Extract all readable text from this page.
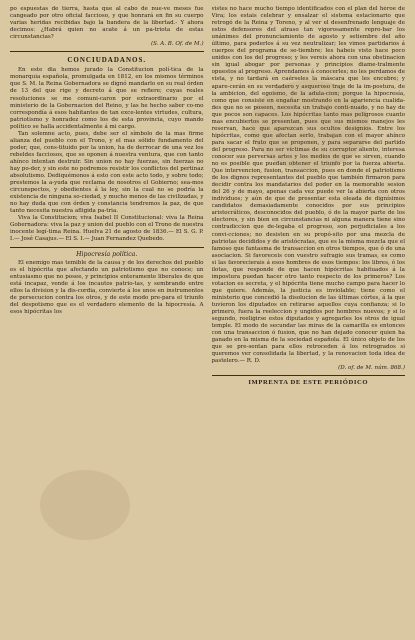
po espuestas de tierra, hasta que al cabo de nue-ve meses fue cangeado por otro oficial faccioso, y que honrará en fin su cuerpo varias heridas recibidas bajo la bandera de la libertad.- Y ahora decimos: ¿Habrá quien no acate á un pa-triota de estas circunstancias?

(S. A. B. Of. de M.)

CONCIUDADANOS.

En este dia hemos jurado la Constitucion polí-tica de la monarquia española, promulgada en 1812, en los mismos términos que S. M. la Reina Gobernadora se dignó mandarlo en su real órden de 13 del que rige y decreto á que se refiere; cuyas reales resoluciones se me comuni-caron por extraordinario por el ministerio de la Gobernacion del Reino, y las he hecho saber co-mo correspondía á esos habitantes de tan exce-lentes virtudes, cultura, patriotismo y honradez como los de esta provincia, cuyo mando político se halla accidentalmente á mi cargo.

Tan solemne acto, pues, debe ser el símbolo de la mas firme alianza del pueblo con el Trono, y el mas sólido fundamento del poder, que, cons-tituido por la union, ha de derrocar de una vez los rebeldes facciosos, que se oponen á nuestra ventura, que con tanto ahínco intentan destruir. Sin union no hay fuerzas, sin fuerzas no hay po-der, y sin este no podremos resistir los conflictos del pertinaz absolutismo. Dediquémonos á esto con este acto todo, y sobre todo; prestemos la a-yuda que reclama de nosotros el Gobierno; sea-mos circunspectos, y obedientes á la ley, sin la cual no se podría la existencia de ninguna so-ciedad, y mucho menos de las civilizadas, y no hay duda que con órden y constancia tendremos la paz, de que tanto necesita nuestra afligida pa-tria.

Viva la Constitucion; viva Isabel II Constitucional: viva la Reina Gobernadora: viva la paz y union del pueblo con el Trono de nuestra inocente legí-tima Reina. Huelva 21 de agosto de 1836.— El S. G. P. I.— José Casajus.— El S. I.— Juan Fernandez Quebedo.

Hipocresía política.

El enemigo mas temible de la causa y de los derechos del pueblo es el hipócrita que afectando un patriotismo que no conoce; un entusiasmo que no posee, y principios enteramente liberales de que está incapaz, vende á los incautos patrio-tas, y sembrando entre ellos la division y la dis-cordia, convierte á los unos en instrumentos de persecucion contra los otros, y de este modo pre-para el triunfo del despotismo que es el verdadero elemento de la hipocresía. A esos hipócritas los

vistes no hace mucho tiempo identificados con el plan del héroe de Vira; los estais celebrar y ensalzar el sistema estacionario que retrogó de la Reina y Toreno, y al ver el desenfrenado lenguaje de estos defensores del atraso tan vigorosamente repro-bar los unánimes del pronunciamiento de agosto y setiembre del año último, para poderlos á su vez neutralizar; les vimos partidarios á cuerpos del programa de se-tiembre; les habeis visto hace poco unidos con los del progreso; y les vereis ahora con una obstinacion sin igual abogar por personas y principios diame-tralmente opuestos al progreso. Aprendamos á conocerles; no les perdamos de vista, y no tardará en caérseles la máscara que les encubre; y apare-cerán en su verdadero y asqueroso traje de la im-postura, de la ambicion, del egoismo, de la adula-cion; porque la hipocresía, como que consiste en engañar mostrando en la apariencia cualida-des que no se poseen, necesita un trabajo conti-nuado, y no hay de que pocos son capaces. Los hipócritas tanto mas peligrosos cuanto mas encubiertos se presentan, pues que sus mismos manejos les reservan, hace que aparezcan sus ocultos designios. Entre los hipócritas, como que afectan serlo, trabajan con el mayor ahínco para sacar el fruto que se proponen, y para separarse del partido del progreso. Para no ser víctimas de su corruptor aliento, interesa conocer sus perversas artes y los medios de que se sirven, cuando no es posible que puedan obtener el triunfo por la fuerza abierta. Que intervencion, fusion, transaccion, pues en donde el patriotismo de los dignos representantes del pueblo que también firmaron para decidir contra los mandatarios del poder en la memorable sesion del 26 y de mayo, apenas cada vez puede ver la abierta con otros individuos; y aún de que de presentar esta oleada de dignísimos candidatos demasiadamente conocidos por sus principios aristocráticos, desconocidos del pueblo, ó de la mayor parte de los electores, y sin bien en circunstancias ni alguna manera tiene sino contradiccion que de-legaba el progreso, son perjudiciales a los convi-cciones; no desisten en su propó-sito por una mezcla de patriotas decididos y de aristócratas, que es la misma mezcla que el famoso que fantasma de transaccion en otros tiempos, que ó de una asociacion. Si favoreceis con vuestro sufragio sus tramas, es como si las favorecierais á esos hombres de esos tiempos: los libres, ó los ilotas, que responde de que hacen hipócritas habituados á la impostura puedan hacer otro tanto respecto de los primeros? Los votacion es secreta, y el hipócrita tiene mucho campo para hacer lo que quiere. Además, la justicia es inviolable; tiene como el ministerio que concedió la disolucion de las últimas córtes, á la que tuvieron los diputados en retirarse aquellos cuya confianza; si lo primero, fuera la reeleccion y ungidos por hombres nuevos; y si lo segundo, reeligirse estos diputados y agregarles los otros de igual temple. El modo de secundar las miras de la camarilla es entonces con una transaccion ó fusion, que no han dejado conocer quien ha ganado en la misma de la sociedad española. El único objeto de los que se pre-sentan para ellos retroceden á los retrogrados si queremos ver consolidada la libertad, y la renovacion toda idea de pastelero.— R. D.

(D. of. de M. núm. 868.)

IMPRENTA DE ESTE PERIÓDICO
